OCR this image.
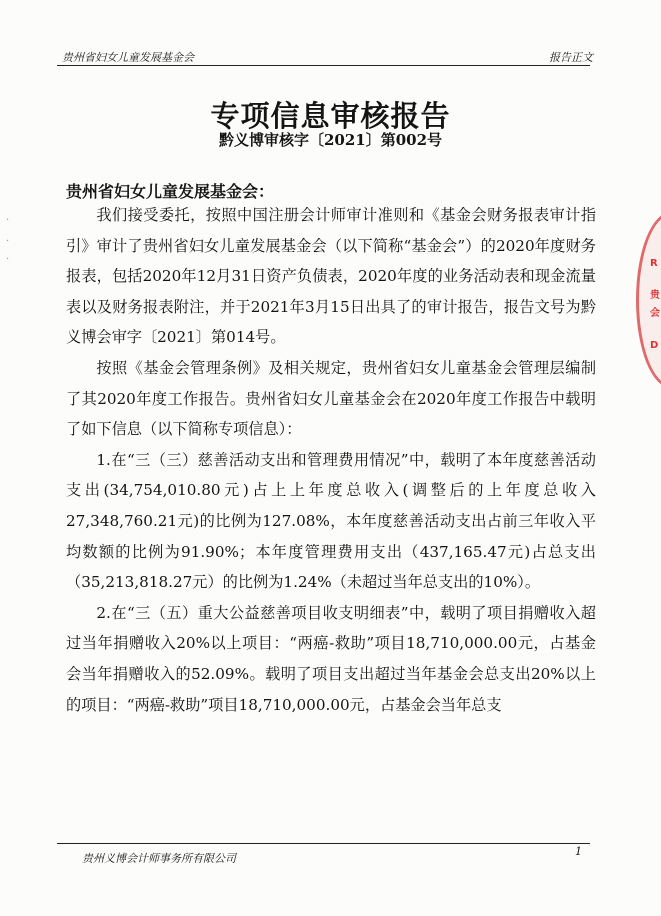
贵州省妇女儿童发展基金会	报告正文
专项信息审核报告
黔义博审核字〔2021〕第002号
贵州省妇女儿童发展基金会：

我们接受委托，按照中国注册会计师审计准则和《基金会财务报表审计指引》审计了贵州省妇女儿童发展基金会（以下简称“基金会”）的2020年度财务报表，包括2020年12月31日资产负债表，2020年度的业务活动表和现金流量表以及财务报表附注，并于2021年3月15日出具了的审计报告，报告文号为黔义博会审字〔2021〕第014号。

按照《基金会管理条例》及相关规定，贵州省妇女儿童基金会管理层编制了其2020年度工作报告。贵州省妇女儿童基金会在2020年度工作报告中载明了如下信息（以下简称专项信息）：

1.在“三（三）慈善活动支出和管理费用情况”中，载明了本年度慈善活动支出(34,754,010.80元)占上上年度总收入(调整后的上年度总收入27,348,760.21元)的比例为127.08%，本年度慈善活动支出占前三年收入平均数额的比例为91.90%；本年度管理费用支出（437,165.47元)占总支出（35,213,818.27元）的比例为1.24%（未超过当年总支出的10%）。

2.在“三（五）重大公益慈善项目收支明细表”中，载明了项目捐赠收入超过当年捐赠收入20%以上项目：“两癌-救助”项目18,710,000.00元，占基金会当年捐赠收入的52.09%。载明了项目支出超过当年基金会总支出20%以上的项目：“两癌-救助”项目18,710,000.00元，占基金会当年总支

贵州义博会计师事务所有限公司
1
R
贵
会
D
·
·
·
